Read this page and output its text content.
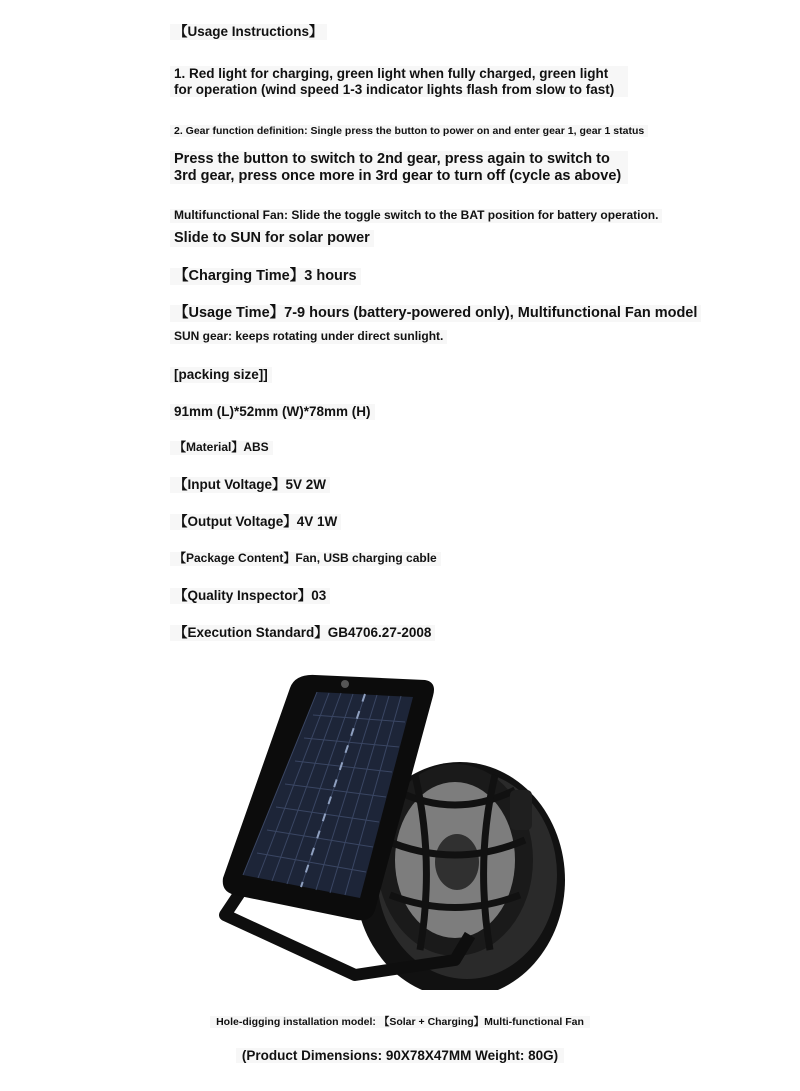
【Usage Instructions】
1. Red light for charging, green light when fully charged, green light for operation (wind speed 1-3 indicator lights flash from slow to fast)
2. Gear function definition: Single press the button to power on and enter gear 1, gear 1 status
Press the button to switch to 2nd gear, press again to switch to 3rd gear, press once more in 3rd gear to turn off (cycle as above)
Multifunctional Fan: Slide the toggle switch to the BAT position for battery operation.
Slide to SUN for solar power
【Charging Time】3 hours
【Usage Time】7-9 hours (battery-powered only), Multifunctional Fan model
SUN gear: keeps rotating under direct sunlight.
[packing size]]
91mm (L)*52mm (W)*78mm (H)
【Material】ABS
【Input Voltage】5V 2W
【Output Voltage】4V 1W
【Package Content】Fan, USB charging cable
【Quality Inspector】03
【Execution Standard】GB4706.27-2008
Hole-digging installation model: 【Solar + Charging】Multi-functional Fan
(Product Dimensions: 90X78X47MM Weight: 80G)
